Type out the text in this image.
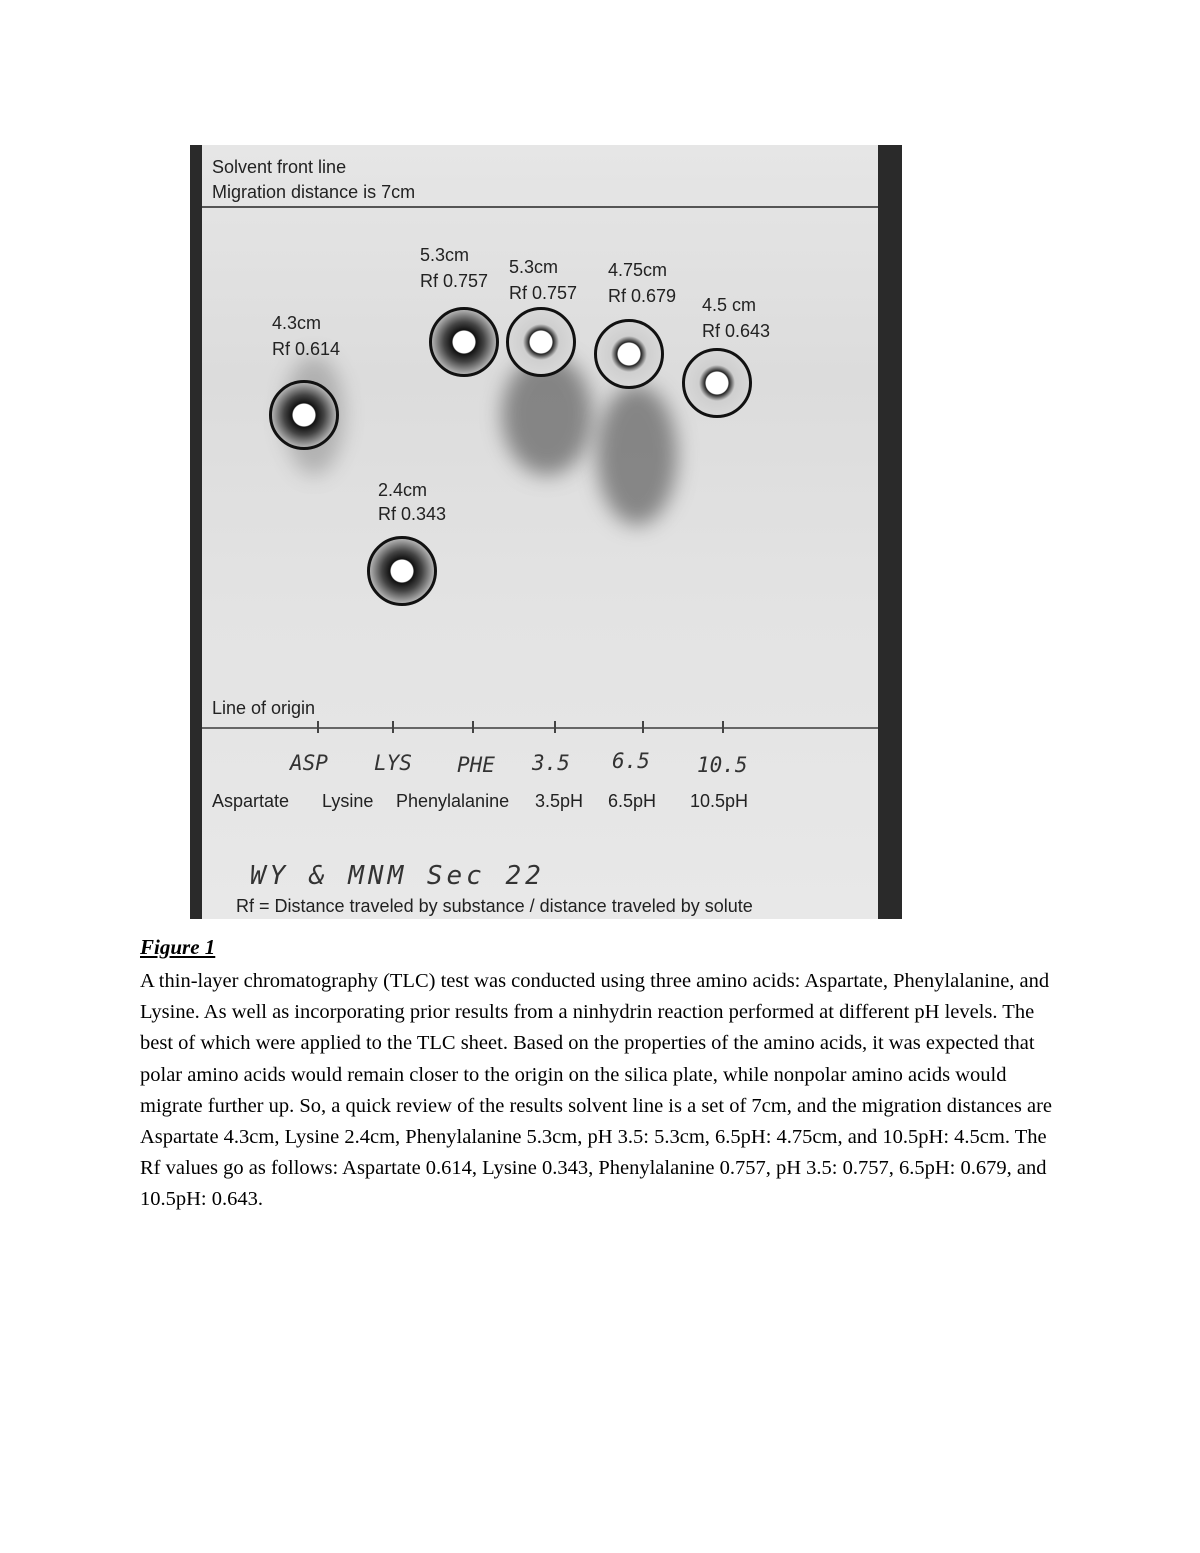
Solvent front line
Migration distance is 7cm
4.3cm
Rf 0.614
2.4cm
Rf 0.343
5.3cm
Rf 0.757
5.3cm
Rf 0.757
4.75cm
Rf 0.679 4.5 cm
Rf 0.643
Line of origin
ASP LYS PHE 3.5 6.5 10.5
Aspartate Lysine Phenylalanine 3.5pH 6.5pH 10.5pH
WY & MNM Sec 22
Rf = Distance traveled by substance / distance traveled by solute

Figure 1

A thin-layer chromatography (TLC) test was conducted using three amino acids: Aspartate, Phenylalanine, and Lysine. As well as incorporating prior results from a ninhydrin reaction performed at different pH levels. The best of which were applied to the TLC sheet. Based on the properties of the amino acids, it was expected that polar amino acids would remain closer to the origin on the silica plate, while nonpolar amino acids would migrate further up. So, a quick review of the results solvent line is a set of 7cm, and the migration distances are Aspartate 4.3cm, Lysine 2.4cm, Phenylalanine 5.3cm, pH 3.5: 5.3cm, 6.5pH: 4.75cm, and 10.5pH: 4.5cm. The Rf values go as follows: Aspartate 0.614, Lysine 0.343, Phenylalanine 0.757, pH 3.5: 0.757, 6.5pH: 0.679, and 10.5pH: 0.643.
